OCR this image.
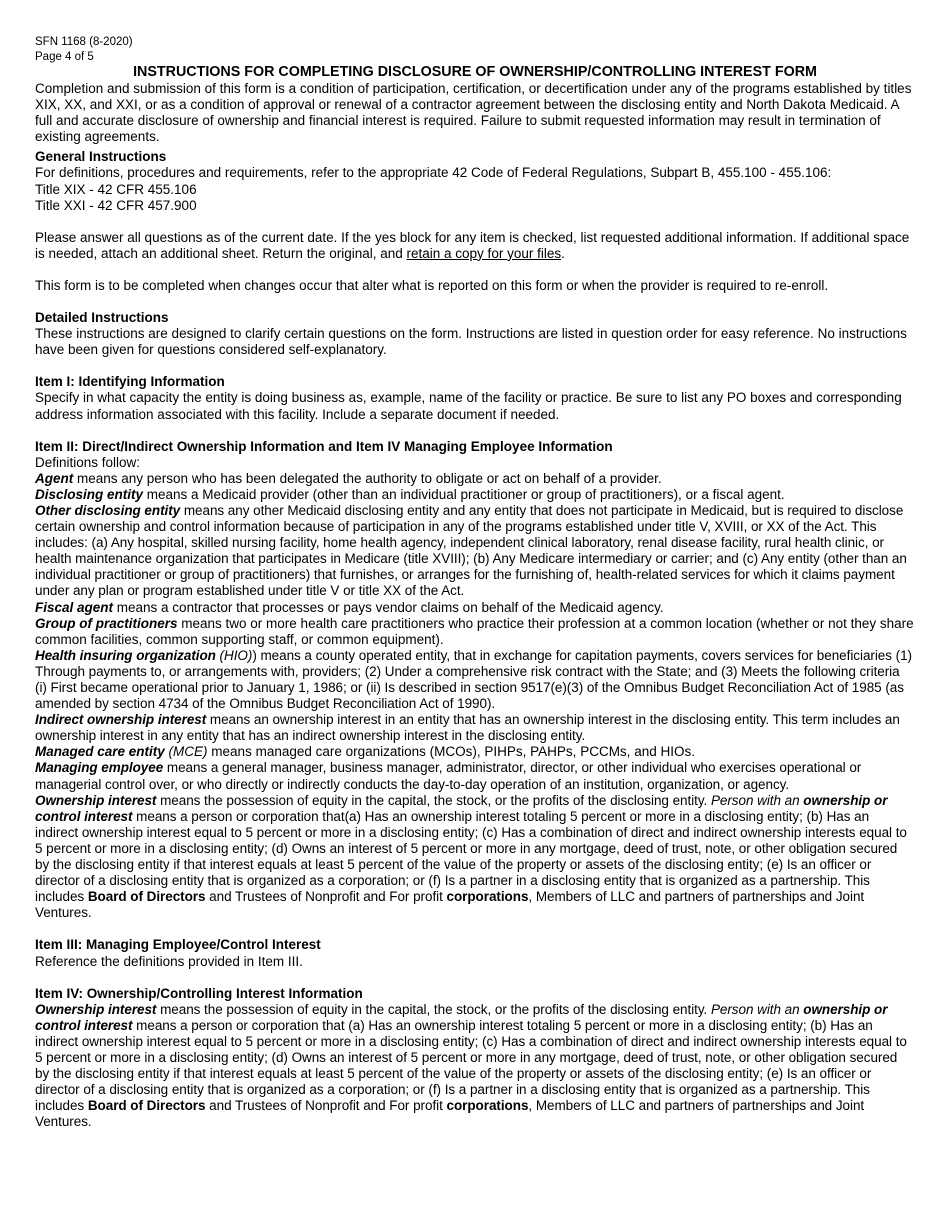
SFN 1168 (8-2020)
Page 4 of 5
INSTRUCTIONS FOR COMPLETING DISCLOSURE OF OWNERSHIP/CONTROLLING INTEREST FORM

Completion and submission of this form is a condition of participation, certification, or decertification under any of the programs established by titles XIX, XX, and XXI, or as a condition of approval or renewal of a contractor agreement between the disclosing entity and North Dakota Medicaid. A full and accurate disclosure of ownership and financial interest is required. Failure to submit requested information may result in termination of existing agreements.

General Instructions

For definitions, procedures and requirements, refer to the appropriate 42 Code of Federal Regulations, Subpart B, 455.100 - 455.106:

Title XIX - 42 CFR 455.106

Title XXI - 42 CFR 457.900

Please answer all questions as of the current date. If the yes block for any item is checked, list requested additional information. If additional space is needed, attach an additional sheet. Return the original, and retain a copy for your files.

This form is to be completed when changes occur that alter what is reported on this form or when the provider is required to re-enroll.

Detailed Instructions

These instructions are designed to clarify certain questions on the form. Instructions are listed in question order for easy reference. No instructions have been given for questions considered self-explanatory.

Item I: Identifying Information

Specify in what capacity the entity is doing business as, example, name of the facility or practice. Be sure to list any PO boxes and corresponding address information associated with this facility. Include a separate document if needed.

Item II: Direct/Indirect Ownership Information and Item IV Managing Employee Information

Definitions follow:

Agent means any person who has been delegated the authority to obligate or act on behalf of a provider.

Disclosing entity means a Medicaid provider (other than an individual practitioner or group of practitioners), or a fiscal agent.

Other disclosing entity means any other Medicaid disclosing entity and any entity that does not participate in Medicaid, but is required to disclose certain ownership and control information because of participation in any of the programs established under title V, XVIII, or XX of the Act. This includes: (a) Any hospital, skilled nursing facility, home health agency, independent clinical laboratory, renal disease facility, rural health clinic, or health maintenance organization that participates in Medicare (title XVIII); (b) Any Medicare intermediary or carrier; and (c) Any entity (other than an individual practitioner or group of practitioners) that furnishes, or arranges for the furnishing of, health-related services for which it claims payment under any plan or program established under title V or title XX of the Act.

Fiscal agent means a contractor that processes or pays vendor claims on behalf of the Medicaid agency.

Group of practitioners means two or more health care practitioners who practice their profession at a common location (whether or not they share common facilities, common supporting staff, or common equipment).

Health insuring organization (HIO)) means a county operated entity, that in exchange for capitation payments, covers services for beneficiaries (1) Through payments to, or arrangements with, providers; (2) Under a comprehensive risk contract with the State; and (3) Meets the following criteria (i) First became operational prior to January 1, 1986; or (ii) Is described in section 9517(e)(3) of the Omnibus Budget Reconciliation Act of 1985 (as amended by section 4734 of the Omnibus Budget Reconciliation Act of 1990).

Indirect ownership interest means an ownership interest in an entity that has an ownership interest in the disclosing entity. This term includes an ownership interest in any entity that has an indirect ownership interest in the disclosing entity.

Managed care entity (MCE) means managed care organizations (MCOs), PIHPs, PAHPs, PCCMs, and HIOs.

Managing employee means a general manager, business manager, administrator, director, or other individual who exercises operational or managerial control over, or who directly or indirectly conducts the day-to-day operation of an institution, organization, or agency.

Ownership interest means the possession of equity in the capital, the stock, or the profits of the disclosing entity. Person with an ownership or control interest means a person or corporation that(a) Has an ownership interest totaling 5 percent or more in a disclosing entity; (b) Has an indirect ownership interest equal to 5 percent or more in a disclosing entity; (c) Has a combination of direct and indirect ownership interests equal to 5 percent or more in a disclosing entity; (d) Owns an interest of 5 percent or more in any mortgage, deed of trust, note, or other obligation secured by the disclosing entity if that interest equals at least 5 percent of the value of the property or assets of the disclosing entity; (e) Is an officer or director of a disclosing entity that is organized as a corporation; or (f) Is a partner in a disclosing entity that is organized as a partnership. This includes Board of Directors and Trustees of Nonprofit and For profit corporations, Members of LLC and partners of partnerships and Joint Ventures.

Item III: Managing Employee/Control Interest

Reference the definitions provided in Item III.

Item IV: Ownership/Controlling Interest Information

Ownership interest means the possession of equity in the capital, the stock, or the profits of the disclosing entity. Person with an ownership or control interest means a person or corporation that (a) Has an ownership interest totaling 5 percent or more in a disclosing entity; (b) Has an indirect ownership interest equal to 5 percent or more in a disclosing entity; (c) Has a combination of direct and indirect ownership interests equal to 5 percent or more in a disclosing entity; (d) Owns an interest of 5 percent or more in any mortgage, deed of trust, note, or other obligation secured by the disclosing entity if that interest equals at least 5 percent of the value of the property or assets of the disclosing entity; (e) Is an officer or director of a disclosing entity that is organized as a corporation; or (f) Is a partner in a disclosing entity that is organized as a partnership. This includes Board of Directors and Trustees of Nonprofit and For profit corporations, Members of LLC and partners of partnerships and Joint Ventures.
